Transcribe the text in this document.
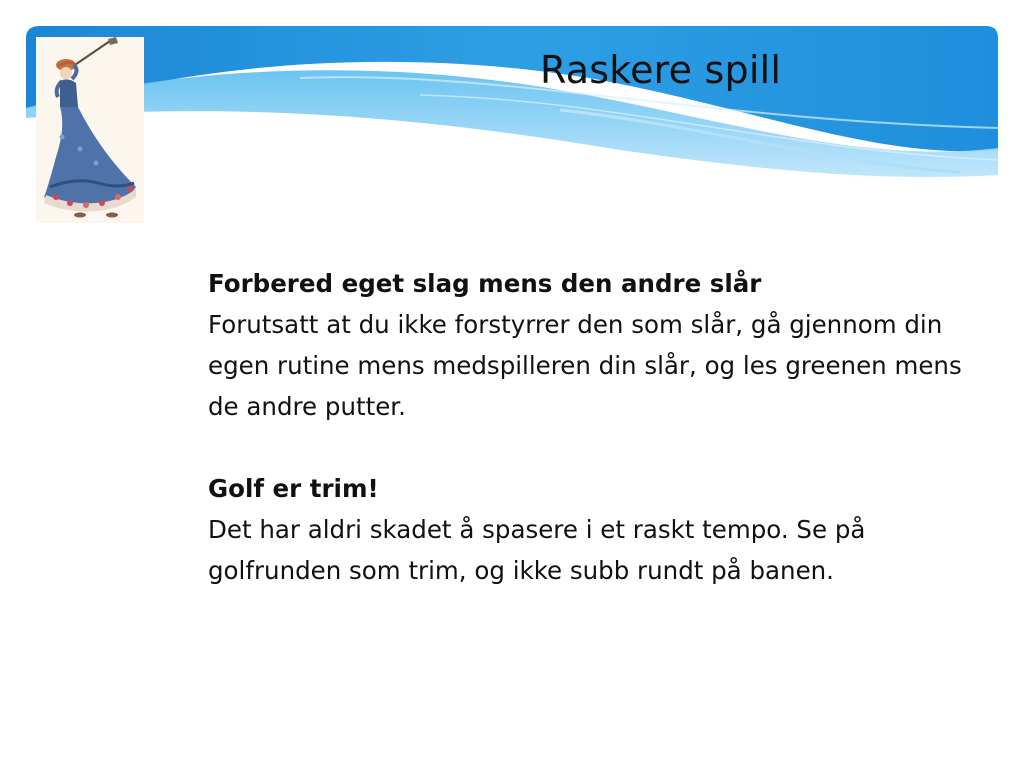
Raskere spill

Forbered eget slag mens den andre slår

Forutsatt at du ikke forstyrrer den som slår, gå gjennom din egen rutine mens medspilleren din slår, og les greenen mens de andre putter.

Golf er trim!

Det har aldri skadet å spasere i et raskt tempo. Se på golfrunden som trim, og ikke subb rundt på banen.
